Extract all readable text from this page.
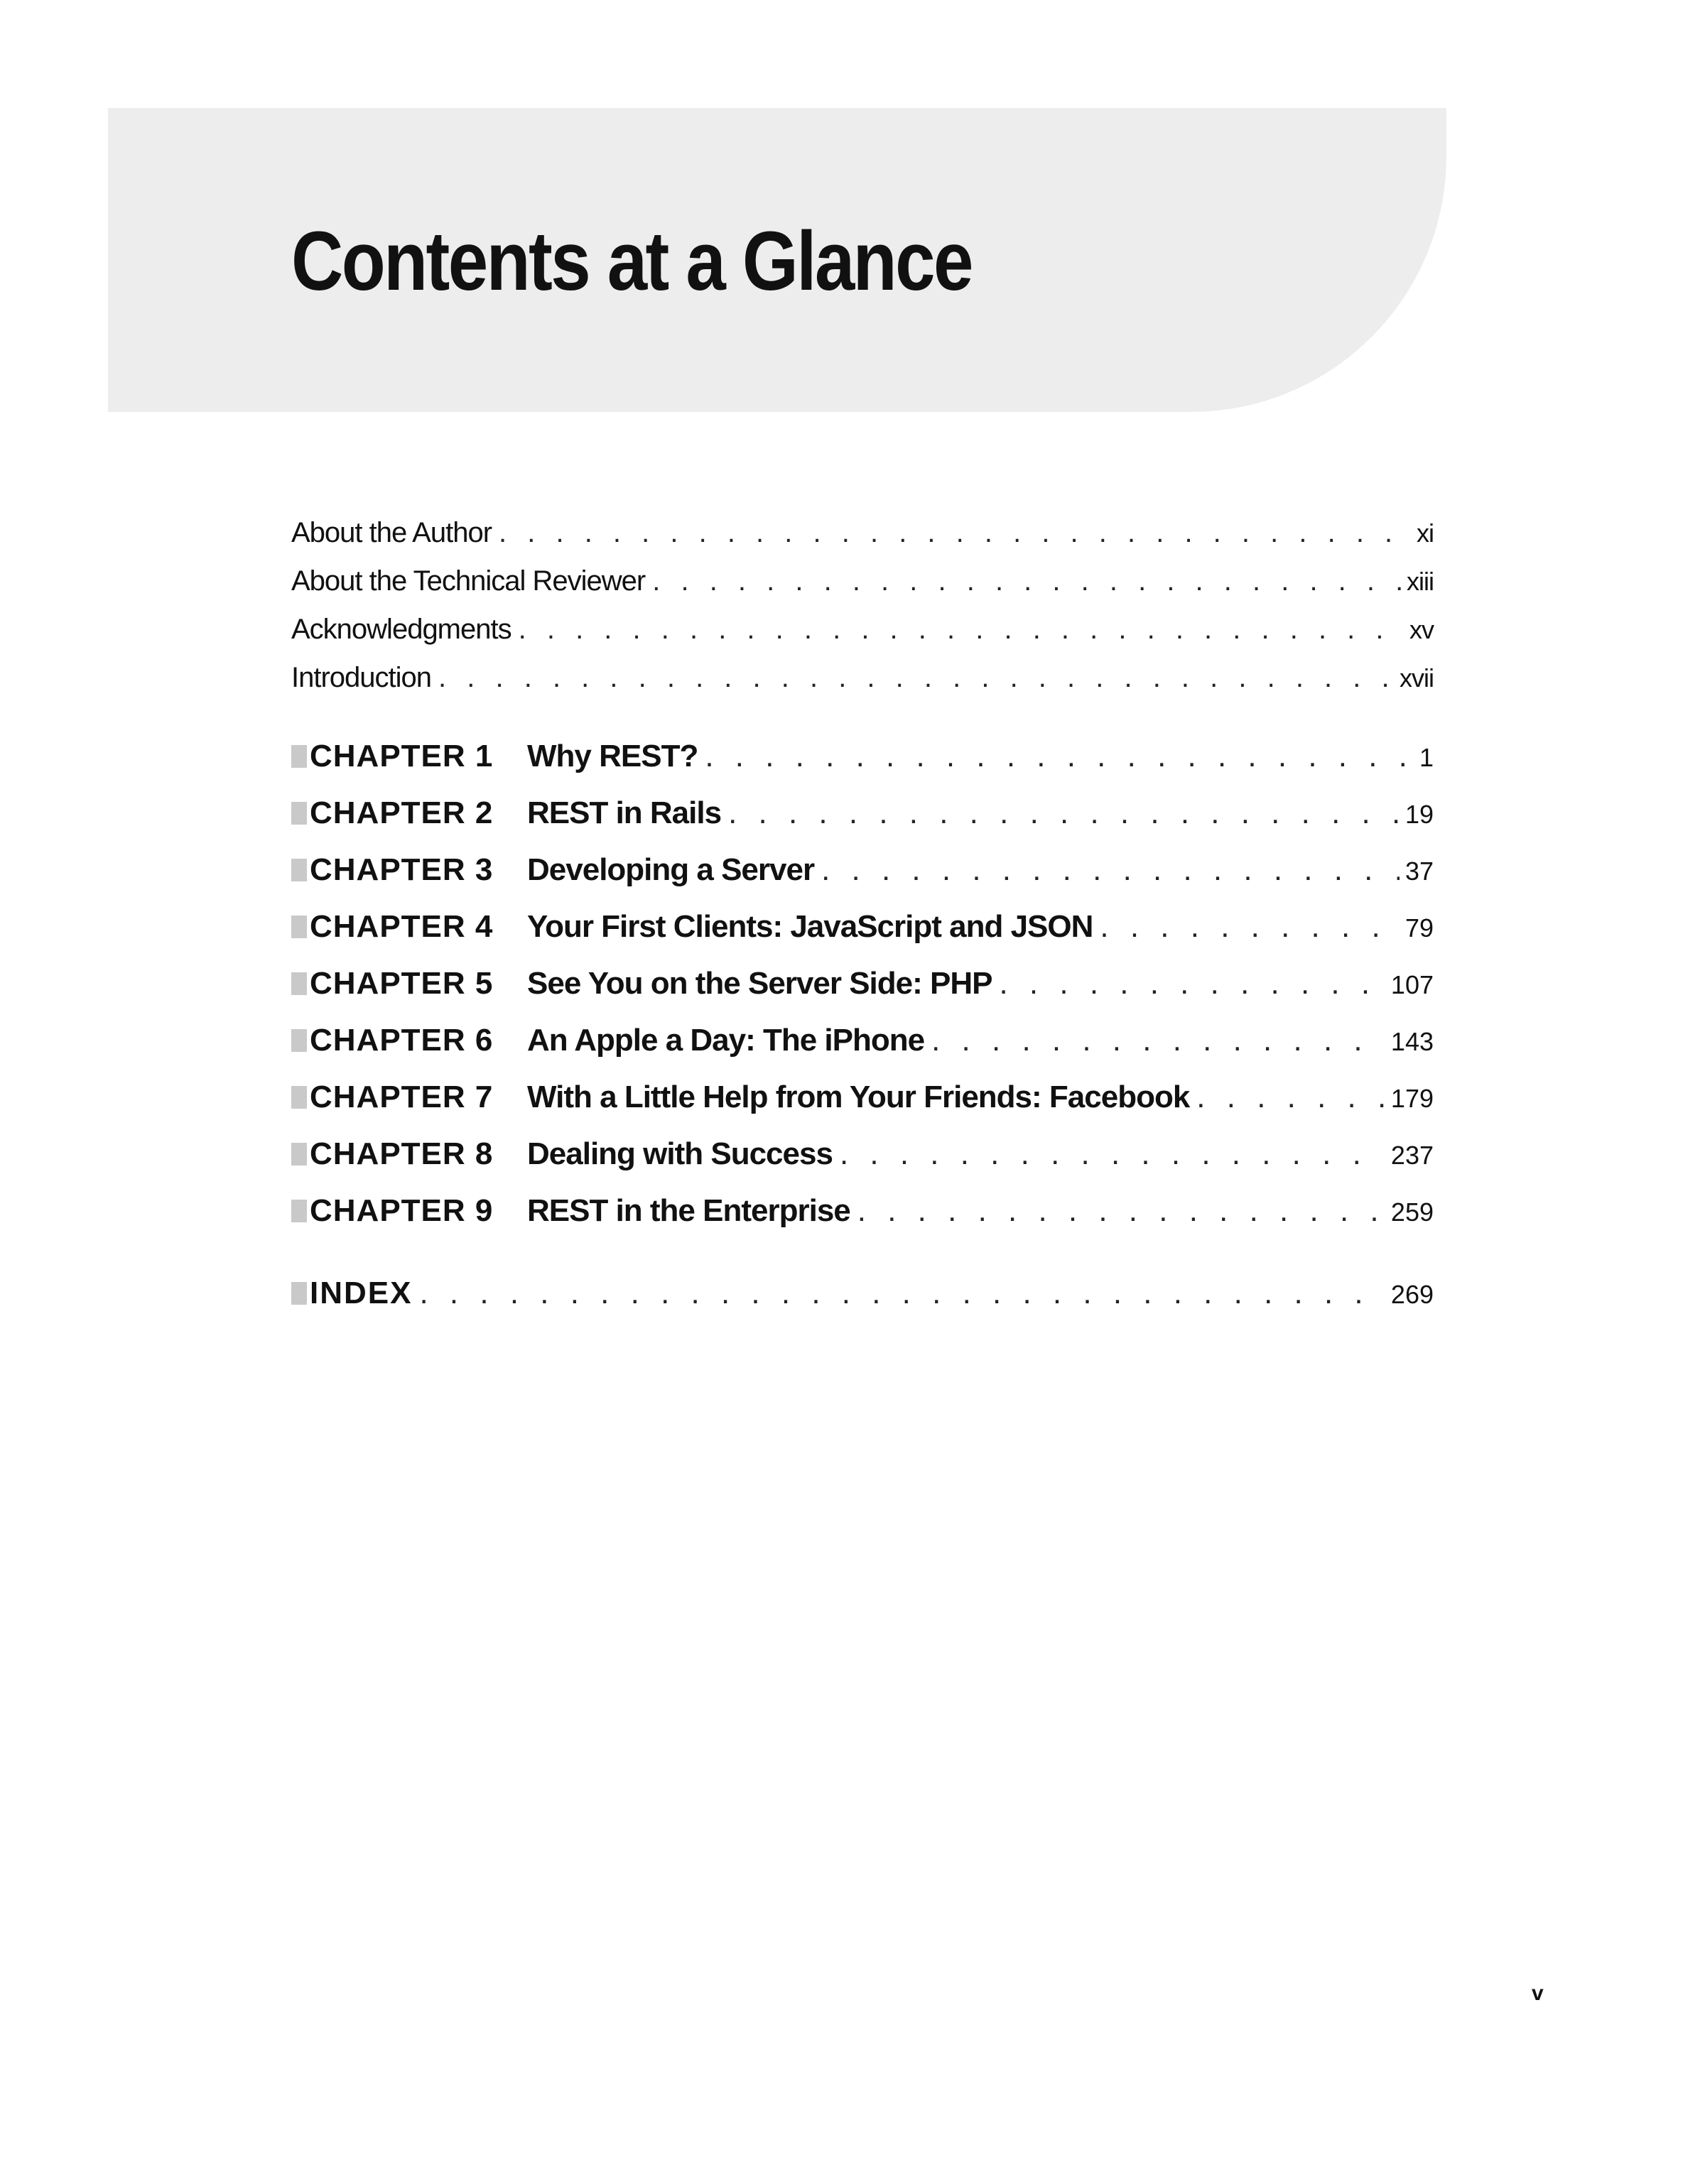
Contents at a Glance
About the Author . . .	xi
About the Technical Reviewer . . .	xiii
Acknowledgments . . .	xv
Introduction . . .	xvii
CHAPTER 1	Why REST? . . .	1
CHAPTER 2	REST in Rails . . .	19
CHAPTER 3	Developing a Server . . .	37
CHAPTER 4	Your First Clients: JavaScript and JSON . . .	79
CHAPTER 5	See You on the Server Side: PHP . . .	107
CHAPTER 6	An Apple a Day: The iPhone . . .	143
CHAPTER 7	With a Little Help from Your Friends: Facebook . . .	179
CHAPTER 8	Dealing with Success . . .	237
CHAPTER 9	REST in the Enterprise . . .	259
INDEX . . .	269
v
